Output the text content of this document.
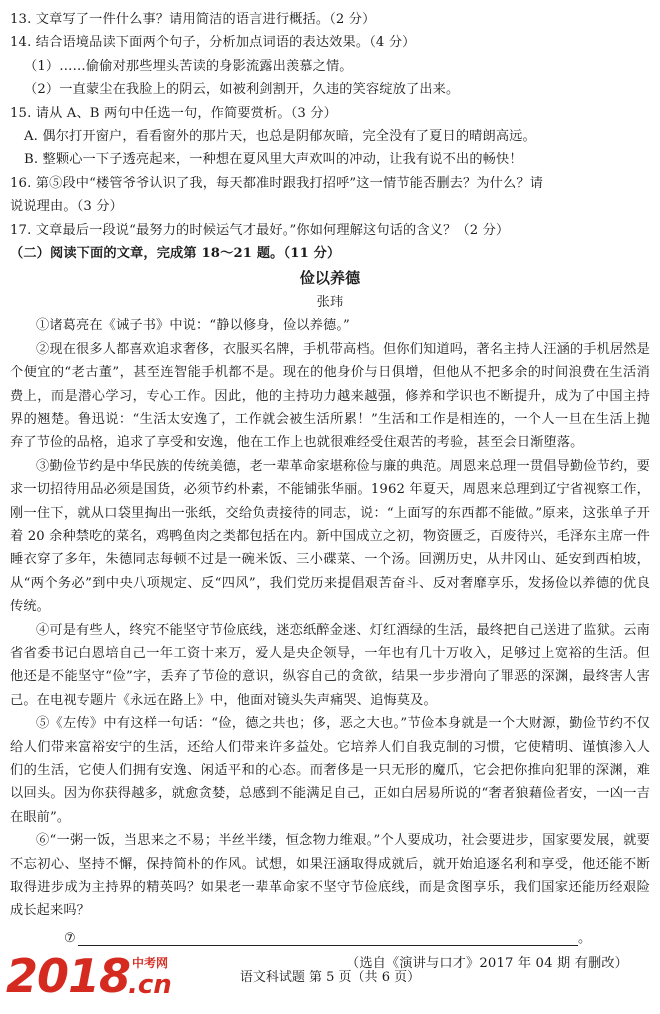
13. 文章写了一件什么事？请用简洁的语言进行概括。（2 分）

14. 结合语境品读下面两个句子，分析加点词语的表达效果。（4 分）

（1）……偷偷对那些埋头苦读的身影流露出羡慕之情。

（2）一直蒙尘在我脸上的阴云，如被利剑割开，久违的笑容绽放了出来。

15. 请从 A、B 两句中任选一句，作简要赏析。（3 分）

A. 偶尔打开窗户，看看窗外的那片天，也总是阴郁灰暗，完全没有了夏日的晴朗高远。

B. 整颗心一下子透亮起来，一种想在夏风里大声欢叫的冲动，让我有说不出的畅快！

16. 第⑤段中“楼管爷爷认识了我，每天都准时跟我打招呼”这一情节能否删去？为什么？请

说说理由。（3 分）

17. 文章最后一段说“最努力的时候运气才最好。”你如何理解这句话的含义？（2 分）

（二）阅读下面的文章，完成第 18～21 题。（11 分）

俭以养德

张玮

①诸葛亮在《诫子书》中说：“静以修身，俭以养德。”

②现在很多人都喜欢追求奢侈，衣服买名牌，手机带高档。但你们知道吗，著名主持人汪涵的手机居然是个便宜的“老古董”，甚至连智能手机都不是。现在的他身价与日俱增，但他从不把多余的时间浪费在生活消费上，而是潜心学习，专心工作。因此，他的主持功力越来越强，修养和学识也不断提升，成为了中国主持界的翘楚。鲁迅说：“生活太安逸了，工作就会被生活所累！”生活和工作是相连的，一个人一旦在生活上抛弃了节俭的品格，追求了享受和安逸，他在工作上也就很难经受住艰苦的考验，甚至会日渐堕落。

③勤俭节约是中华民族的传统美德，老一辈革命家堪称俭与廉的典范。周恩来总理一贯倡导勤俭节约，要求一切招待用品必须是国货，必须节约朴素，不能铺张华丽。1962 年夏天，周恩来总理到辽宁省视察工作，刚一住下，就从口袋里掏出一张纸，交给负责接待的同志，说：“上面写的东西都不能做。”原来，这张单子开着 20 余种禁吃的菜名，鸡鸭鱼肉之类都包括在内。新中国成立之初，物资匮乏，百废待兴，毛泽东主席一件睡衣穿了多年，朱德同志每顿不过是一碗米饭、三小碟菜、一个汤。回溯历史，从井冈山、延安到西柏坡，从“两个务必”到中央八项规定、反“四风”，我们党历来提倡艰苦奋斗、反对奢靡享乐，发扬俭以养德的优良传统。

④可是有些人，终究不能坚守节俭底线，迷恋纸醉金迷、灯红酒绿的生活，最终把自己送进了监狱。云南省省委书记白恩培自己一年工资十来万，爱人是央企领导，一年也有几十万收入，足够过上宽裕的生活。但他还是不能坚守“俭”字，丢弃了节俭的意识，纵容自己的贪欲，结果一步步滑向了罪恶的深渊，最终害人害己。在电视专题片《永远在路上》中，他面对镜头失声痛哭、追悔莫及。

⑤《左传》中有这样一句话：“俭，德之共也；侈，恶之大也。”节俭本身就是一个大财源，勤俭节约不仅给人们带来富裕安宁的生活，还给人们带来许多益处。它培养人们自我克制的习惯，它使精明、谨慎渗入人们的生活，它使人们拥有安逸、闲适平和的心态。而奢侈是一只无形的魔爪，它会把你推向犯罪的深渊，难以回头。因为你获得越多，就愈贪婪，总感到不能满足自己，正如白居易所说的“奢者狼藉俭者安，一凶一吉在眼前”。

⑥“一粥一饭，当思来之不易；半丝半缕，恒念物力维艰。”个人要成功，社会要进步，国家要发展，就要不忘初心、坚持不懈，保持简朴的作风。试想，如果汪涵取得成就后，就开始追逐名利和享受，他还能不断取得进步成为主持界的精英吗？如果老一辈革命家不坚守节俭底线，而是贪图享乐，我们国家还能历经艰险成长起来吗？

⑦	。

（选自《演讲与口才》2017 年 04 期 有删改）

2018 中考网
.cn	语文科试题 第 5 页（共 6 页）
